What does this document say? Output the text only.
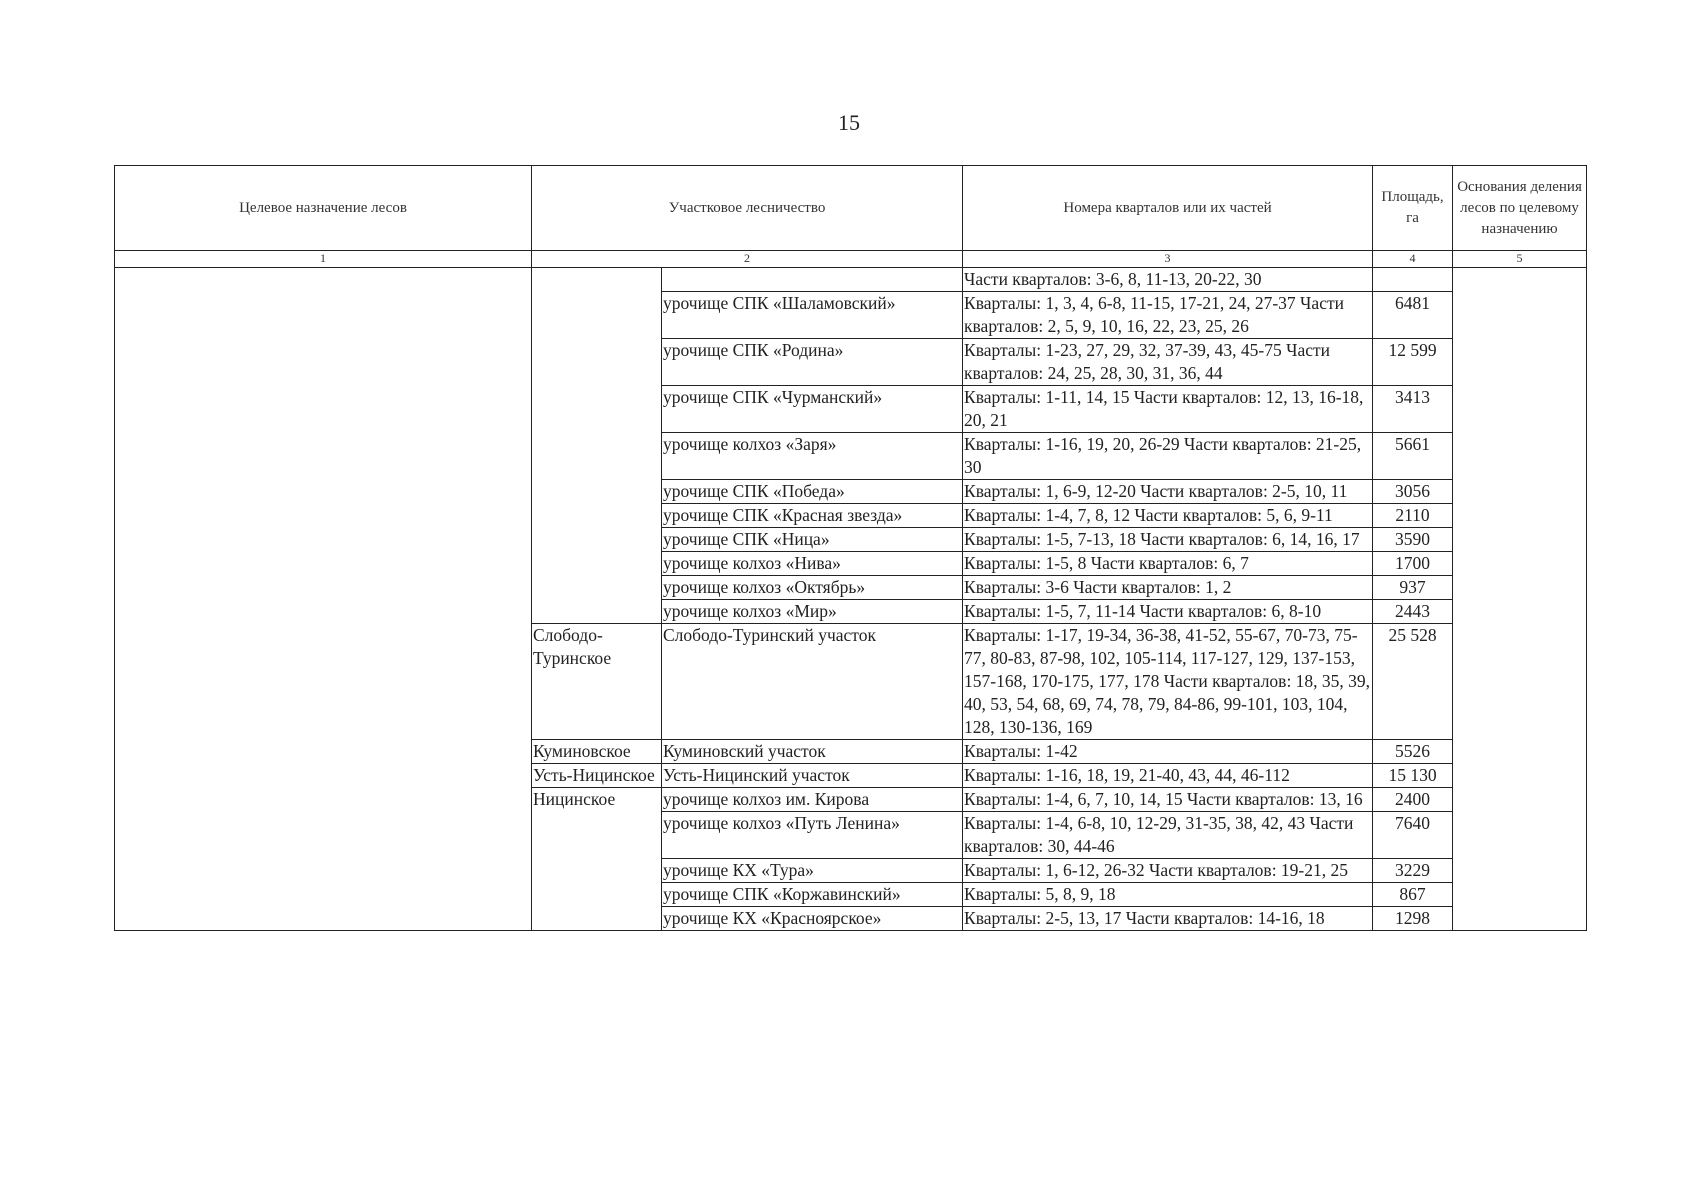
15
Целевое назначение лесов	Участковое лесничество		Номера кварталов или их частей	Площадь, га	Основания деления лесов по целевому назначению
1	2		3	4	5
			Части кварталов: 3-6, 8, 11-13, 20-22, 30		
		урочище СПК «Шаламовский»	Кварталы: 1, 3, 4, 6-8, 11-15, 17-21, 24, 27-37 Части кварталов: 2, 5, 9, 10, 16, 22, 23, 25, 26	6481	
		урочище СПК «Родина»	Кварталы: 1-23, 27, 29, 32, 37-39, 43, 45-75 Части кварталов: 24, 25, 28, 30, 31, 36, 44	12 599	
		урочище СПК «Чурманский»	Кварталы: 1-11, 14, 15 Части кварталов: 12, 13, 16-18, 20, 21	3413	
		урочище колхоз «Заря»	Кварталы: 1-16, 19, 20, 26-29 Части кварталов: 21-25, 30	5661	
		урочище СПК «Победа»	Кварталы: 1, 6-9, 12-20 Части кварталов: 2-5, 10, 11	3056	
		урочище СПК «Красная звезда»	Кварталы: 1-4, 7, 8, 12 Части кварталов: 5, 6, 9-11	2110	
		урочище СПК «Ница»	Кварталы: 1-5, 7-13, 18 Части кварталов: 6, 14, 16, 17	3590	
		урочище колхоз «Нива»	Кварталы: 1-5, 8 Части кварталов: 6, 7	1700	
		урочище колхоз «Октябрь»	Кварталы: 3-6 Части кварталов: 1, 2	937	
		урочище колхоз «Мир»	Кварталы: 1-5, 7, 11-14 Части кварталов: 6, 8-10	2443	
	Слободо-Туринское	Слободо-Туринский участок	Кварталы: 1-17, 19-34, 36-38, 41-52, 55-67, 70-73, 75-77, 80-83, 87-98, 102, 105-114, 117-127, 129, 137-153, 157-168, 170-175, 177, 178 Части кварталов: 18, 35, 39, 40, 53, 54, 68, 69, 74, 78, 79, 84-86, 99-101, 103, 104, 128, 130-136, 169	25 528	
	Куминовское	Куминовский участок	Кварталы: 1-42	5526	
	Усть-Ницинское	Усть-Ницинский участок	Кварталы: 1-16, 18, 19, 21-40, 43, 44, 46-112	15 130	
	Ницинское	урочище колхоз им. Кирова	Кварталы: 1-4, 6, 7, 10, 14, 15 Части кварталов: 13, 16	2400	
		урочище колхоз «Путь Ленина»	Кварталы: 1-4, 6-8, 10, 12-29, 31-35, 38, 42, 43 Части кварталов: 30, 44-46	7640	
		урочище КХ «Тура»	Кварталы: 1, 6-12, 26-32 Части кварталов: 19-21, 25	3229	
		урочище СПК «Коржавинский»	Кварталы: 5, 8, 9, 18	867	
		урочище КХ «Красноярское»	Кварталы: 2-5, 13, 17 Части кварталов: 14-16, 18	1298	
